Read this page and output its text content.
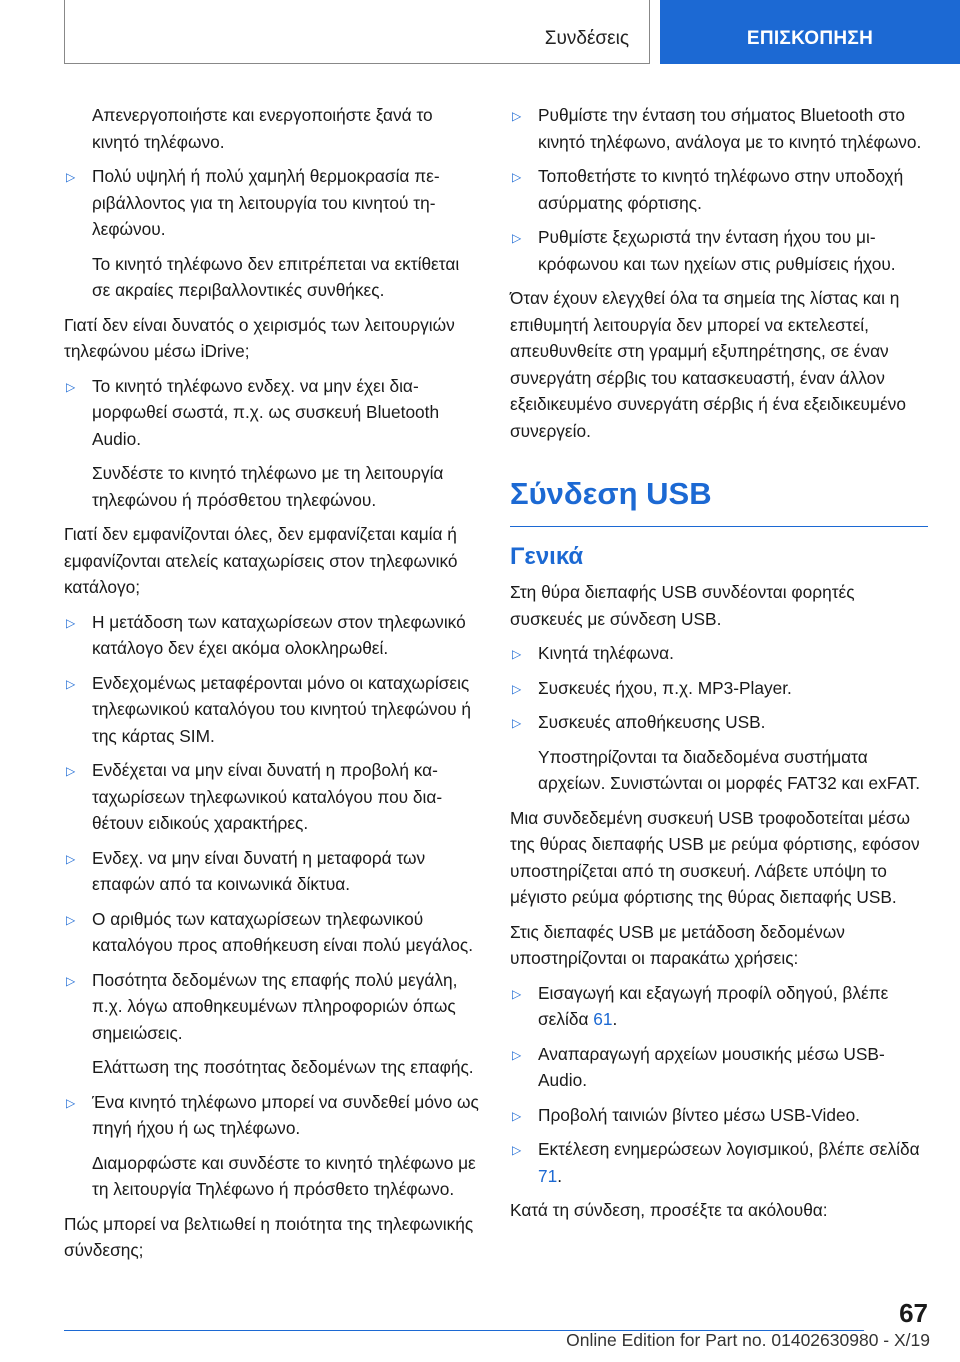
Συνδέσεις	ΕΠΙΣΚΟΠΗΣΗ

Απενεργοποιήστε και ενεργοποιήστε ξανά το κινητό τηλέφωνο.

▷ Πολύ υψηλή ή πολύ χαμηλή θερμοκρασία περιβάλλοντος για τη λειτουργία του κινητού τηλεφώνου.

Το κινητό τηλέφωνο δεν επιτρέπεται να εκτίθεται σε ακραίες περιβαλλοντικές συνθήκες.

Γιατί δεν είναι δυνατός ο χειρισμός των λειτουργιών τηλεφώνου μέσω iDrive;

▷ Το κινητό τηλέφωνο ενδεχ. να μην έχει διαμορφωθεί σωστά, π.χ. ως συσκευή Bluetooth Audio.

Συνδέστε το κινητό τηλέφωνο με τη λειτουργία τηλεφώνου ή πρόσθετου τηλεφώνου.

Γιατί δεν εμφανίζονται όλες, δεν εμφανίζεται καμία ή εμφανίζονται ατελείς καταχωρίσεις στον τηλεφωνικό κατάλογο;

▷ Η μετάδοση των καταχωρίσεων στον τηλεφωνικό κατάλογο δεν έχει ακόμα ολοκληρωθεί.

▷ Ενδεχομένως μεταφέρονται μόνο οι καταχωρίσεις τηλεφωνικού καταλόγου του κινητού τηλεφώνου ή της κάρτας SIM.

▷ Ενδέχεται να μην είναι δυνατή η προβολή καταχωρίσεων τηλεφωνικού καταλόγου που διαθέτουν ειδικούς χαρακτήρες.

▷ Ενδεχ. να μην είναι δυνατή η μεταφορά των επαφών από τα κοινωνικά δίκτυα.

▷ Ο αριθμός των καταχωρίσεων τηλεφωνικού καταλόγου προς αποθήκευση είναι πολύ μεγάλος.

▷ Ποσότητα δεδομένων της επαφής πολύ μεγάλη, π.χ. λόγω αποθηκευμένων πληροφοριών όπως σημειώσεις.

Ελάττωση της ποσότητας δεδομένων της επαφής.

▷ Ένα κινητό τηλέφωνο μπορεί να συνδεθεί μόνο ως πηγή ήχου ή ως τηλέφωνο.

Διαμορφώστε και συνδέστε το κινητό τηλέφωνο με τη λειτουργία Τηλέφωνο ή πρόσθετο τηλέφωνο.

Πώς μπορεί να βελτιωθεί η ποιότητα της τηλεφωνικής σύνδεσης;

▷ Ρυθμίστε την ένταση του σήματος Bluetooth στο κινητό τηλέφωνο, ανάλογα με το κινητό τηλέφωνο.

▷ Τοποθετήστε το κινητό τηλέφωνο στην υποδοχή ασύρματης φόρτισης.

▷ Ρυθμίστε ξεχωριστά την ένταση ήχου του μικρόφωνου και των ηχείων στις ρυθμίσεις ήχου.

Όταν έχουν ελεγχθεί όλα τα σημεία της λίστας και η επιθυμητή λειτουργία δεν μπορεί να εκτελεστεί, απευθυνθείτε στη γραμμή εξυπηρέτησης, σε έναν συνεργάτη σέρβις του κατασκευαστή, έναν άλλον εξειδικευμένο συνεργάτη σέρβις ή ένα εξειδικευμένο συνεργείο.

Σύνδεση USB
Γενικά

Στη θύρα διεπαφής USB συνδέονται φορητές συσκευές με σύνδεση USB.

▷ Κινητά τηλέφωνα.

▷ Συσκευές ήχου, π.χ. MP3-Player.

▷ Συσκευές αποθήκευσης USB.

Υποστηρίζονται τα διαδεδομένα συστήματα αρχείων. Συνιστώνται οι μορφές FAT32 και exFAT.

Μια συνδεδεμένη συσκευή USB τροφοδοτείται μέσω της θύρας διεπαφής USB με ρεύμα φόρτισης, εφόσον υποστηρίζεται από τη συσκευή. Λάβετε υπόψη το μέγιστο ρεύμα φόρτισης της θύρας διεπαφής USB.

Στις διεπαφές USB με μετάδοση δεδομένων υποστηρίζονται οι παρακάτω χρήσεις:

▷ Εισαγωγή και εξαγωγή προφίλ οδηγού, βλέπε σελίδα 61.

▷ Αναπαραγωγή αρχείων μουσικής μέσω USB-Audio.

▷ Προβολή ταινιών βίντεο μέσω USB-Video.

▷ Εκτέλεση ενημερώσεων λογισμικού, βλέπε σελίδα 71.

Κατά τη σύνδεση, προσέξτε τα ακόλουθα:

67
Online Edition for Part no. 01402630980 - X/19
